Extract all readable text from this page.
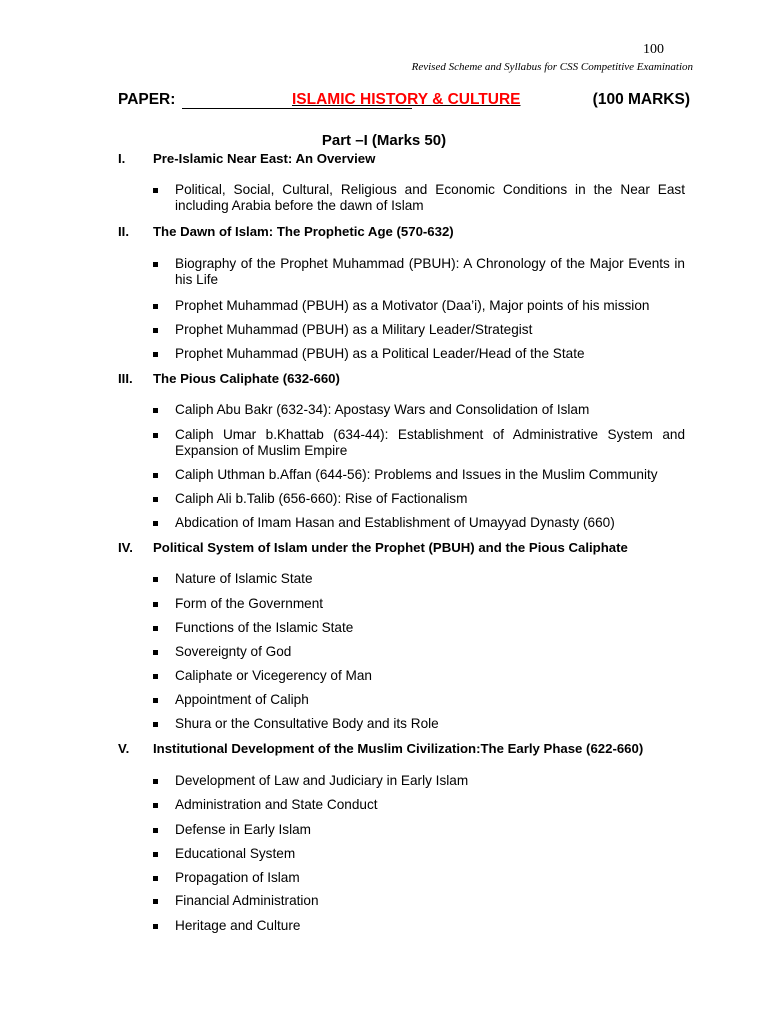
100
Revised Scheme and Syllabus for CSS Competitive Examination
PAPER:	ISLAMIC HISTORY & CULTURE	(100 MARKS)
Part –I (Marks 50)
I. Pre-Islamic Near East: An Overview
Political, Social, Cultural, Religious and Economic Conditions in the Near East including Arabia before the dawn of Islam
II. The Dawn of Islam: The Prophetic Age (570-632)
Biography of the Prophet Muhammad (PBUH): A Chronology of the Major Events in his Life
Prophet Muhammad (PBUH) as a Motivator (Daa’i), Major points of his mission
Prophet Muhammad (PBUH) as a Military Leader/Strategist
Prophet Muhammad (PBUH) as a Political Leader/Head of the State
III. The Pious Caliphate (632-660)
Caliph Abu Bakr (632-34): Apostasy Wars and Consolidation of Islam
Caliph Umar b.Khattab (634-44): Establishment of Administrative System and Expansion of Muslim Empire
Caliph Uthman b.Affan (644-56): Problems and Issues in the Muslim Community
Caliph Ali b.Talib (656-660): Rise of Factionalism
Abdication of Imam Hasan and Establishment of Umayyad Dynasty (660)
IV. Political System of Islam under the Prophet (PBUH) and the Pious Caliphate
Nature of Islamic State
Form of the Government
Functions of the Islamic State
Sovereignty of God
Caliphate or Vicegerency of Man
Appointment of Caliph
Shura or the Consultative Body and its Role
V. Institutional Development of the Muslim Civilization:The Early Phase (622-660)
Development of Law and Judiciary in Early Islam
Administration and State Conduct
Defense in Early Islam
Educational System
Propagation of Islam
Financial Administration
Heritage and Culture
